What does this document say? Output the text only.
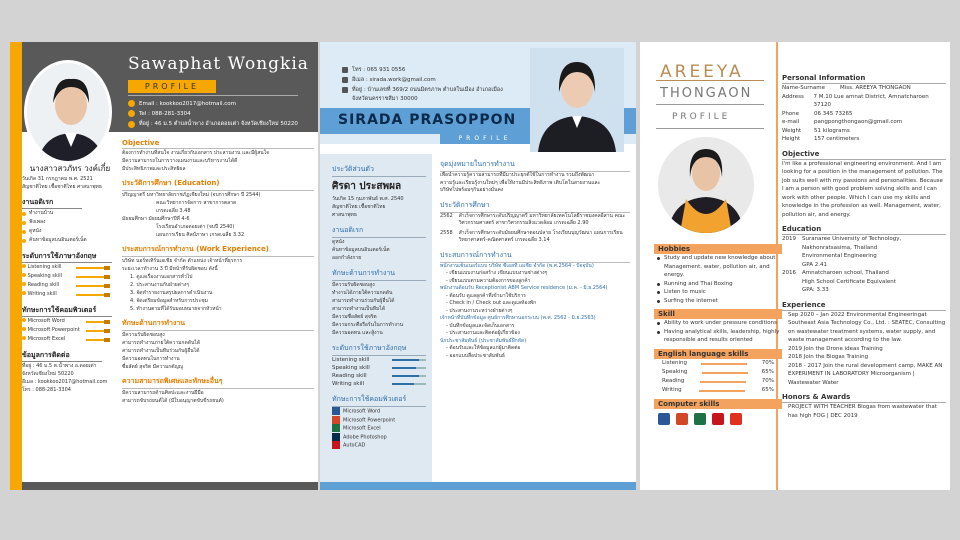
Sawaphat Wongkia
PROFILE
Email : kookkoo2017@hotmail.com
Tel : 088-281-3304
ที่อยู่ : 46 ม.5 ตำบลน้ำพาง อำเภอดอยเต่า จังหวัดเชียงใหม่ 50220
นางสาวสวภัทร วงค์เกี๋ย
วันเกิด 31 กรกฎาคม พ.ศ. 2521
สัญชาติไทย เชื้อชาติไทย ศาสนาพุทธ
งานอดิเรก
ทำงานบ้าน
ฟังเพลง
ดูหนัง
ค้นหาข้อมูลบนอินเตอร์เน็ต
ระดับการใช้ภาษาอังกฤษ
Listening skill
Speaking skill
Reading skill
Writing skill
ทักษะการใช้คอมพิวเตอร์
Microsoft Word
Microsoft Powerpoint
Microsoft Excel
ข้อมูลการติดต่อ
ที่อยู่ : 46 ม.5 ต.น้ำพาง อ.ดอยเต่า
จังหวัดเชียงใหม่ 50220
อีเมล : kookkoo2017@hotmail.com
โทร : 088-281-3304
Objective
ต้องการทำงานที่สนใจ งานเกี่ยวกับเอกสาร ประสานงาน และมีผู้สนใจ
มีความสามารถในการวางแผนงานและบริหารงานได้ดี
มีประสิทธิภาพและประสิทธิผล
ประวัติการศึกษา (Education)
ปริญญาตรี มหาวิทยาลัยราชภัฏเชียงใหม่ (จบการศึกษา ปี 2544)
คณะวิทยาการจัดการ สาขาการตลาด
เกรดเฉลี่ย 3.48
มัธยมศึกษา มัธยมศึกษาปีที่ 4-6
โรงเรียนอำเภอดอยเต่า (จบปี 2540)
แผนการเรียน ศิลป์ภาษา เกรดเฉลี่ย 3.32
ประสบการณ์การทำงาน (Work Experience)
บริษัท นอร์ทเทิร์นเอเชีย จำกัด ตำแหน่ง เจ้าหน้าที่ธุรการ
ระยะเวลาทำงาน 3 ปี มีหน้าที่รับผิดชอบ ดังนี้
1. ดูแลเรื่องงานเอกสารทั่วไป
2. ประสานงานกับฝ่ายต่างๆ
3. จัดทำรายงานสรุปผลการดำเนินงาน
4. จัดเตรียมข้อมูลสำหรับการประชุม
5. ทำงานตามที่ได้รับมอบหมายจากหัวหน้า
ทักษะด้านการทำงาน
มีความรับผิดชอบสูง
สามารถทำงานภายใต้ความกดดันได้
สามารถทำงานเป็นทีมร่วมกับผู้อื่นได้
มีความอดทนในการทำงาน
ซื่อสัตย์ สุจริต มีความกตัญญู
ความสามารถพิเศษและทักษะอื่นๆ
มีความสามารถด้านศิลปะและงานฝีมือ
สามารถขับรถยนต์ได้ (มีใบอนุญาตขับขี่รถยนต์)
โทร : 065 931 0556
อีเมล : sirada.work@gmail.com
ที่อยู่ : บ้านเลขที่ 369/2 ถนนมิตรภาพ ตำบลในเมือง อำเภอเมือง
จังหวัดนครราชสีมา 30000
SIRADA PRASOPPON
PROFILE
ประวัติส่วนตัว
ศิรดา ประสพผล
วันเกิด 15 กุมภาพันธ์ พ.ศ. 2540
สัญชาติไทย เชื้อชาติไทย
ศาสนาพุทธ
งานอดิเรก
ดูหนัง
ค้นหาข้อมูลบนอินเตอร์เน็ต
ออกกำลังกาย
ทักษะด้านการทำงาน
มีความรับผิดชอบสูง
ทำงานได้ภายใต้ความกดดัน
สามารถทำงานร่วมกับผู้อื่นได้
สามารถทำงานเป็นทีมได้
มีความซื่อสัตย์ สุจริต
มีความกระตือรือร้นในการทำงาน
มีความอดทน และสู้งาน
ระดับการใช้ภาษาอังกฤษ
Listening skill
Speaking skill
Reading skill
Writing skill
ทักษะการใช้คอมพิวเตอร์
Microsoft Word
Microsoft Powerpoint
Microsoft Excel
Adobe Photoshop
AutoCAD
จุดมุ่งหมายในการทำงาน
เพื่อนำความรู้ความสามารถที่มีมาประยุกต์ใช้ในการทำงาน รวมถึงพัฒนา
ความรู้และเรียนรู้งานใหม่ๆ เพื่อให้งานมีประสิทธิภาพ เติบโตในสายงานและ
บริษัทไปพร้อมๆกันอย่างมั่นคง
ประวัติการศึกษา
2562 สำเร็จการศึกษาระดับปริญญาตรี มหาวิทยาลัยเทคโนโลยีราชมงคลอีสาน คณะวิศวกรรมศาสตร์ สาขาวิศวกรรมสิ่งแวดล้อม เกรดเฉลี่ย 2.90
2558 สำเร็จการศึกษาระดับมัธยมศึกษาตอนปลาย โรงเรียนบุญวัฒนา แผนการเรียนวิทยาศาสตร์-คณิตศาสตร์ เกรดเฉลี่ย 3.14
ประสบการณ์การทำงาน
พนักงานเซ็นเนอร์แบบ บริษัท ซีเอสที เอเชีย จำกัด (พ.ศ.2564 - ปัจจุบัน)
- เขียนแบบงานก่อสร้าง เขียนแบบงานช่างต่างๆ
- เขียนแบบตามความต้องการของลูกค้า
พนักงานต้อนรับ Receptionist ABM Service residence (ม.ค. - มิ.ย.2564)
- ต้อนรับ ดูแลลูกค้าที่เข้ามาใช้บริการ
- Check in / Check out และดูแลห้องพัก
- ประสานงานระหว่างฝ่ายต่างๆ
เจ้าหน้าที่บันทึกข้อมูล ศูนย์การศึกษานอกระบบ (พ.ศ. 2562 - มิ.ย.2563)
- บันทึกข้อมูลและจัดเก็บเอกสาร
- ประสานงานและติดต่อผู้เกี่ยวข้อง
นักประชาสัมพันธ์ (ประชาสัมพันธ์ฝึกหัด)
- ต้อนรับและให้ข้อมูลแก่ผู้มาติดต่อ
- ออกแบบสื่อประชาสัมพันธ์
AREEYA
THONGAON
PROFILE
Hobbies
Study and update new knowledge about Management, water, pollution air, and energy.
Running and Thai Boxing
Listen to music
Surfing the internet
Skill
Ability to work under pressure conditions
Having analytical skills, leadership, highly responsible and results oriented
English language skills
Listening	70%
Speaking	65%
Reading	70%
Writing	65%
Computer skills
Personal Information
Name-Surname	Miss. AREEYA THONGAON
Address	7 M.10 Lue amnat District, Amnatcharoen 37120
Phone	06 345 73265
e-mail	pangpongthongaon@gmail.com
Weight	51 kilograms
Height	157 centimeters
Objective
I'm like a professional engineering environment. And I am looking for a position in the management of pollution. The job suits well with my passions and personalities. Because I am a person with good problem solving skills and I can work with other people. Which I can use my skills and knowledge in the profession as well. Management, water, pollution air, and energy.
Education
2019	Suranaree University of Technology,
Nakhonratsasima, Thailand
Environmental Engineering
GPA 2.41
2016	Amnatcharoen school, Thailand
High School Certificate Equivalent
GPA: 3.33
Experience
Sep 2020 – Jan 2022 Environmental Engineeringat Southeast Asia Technology Co., Ltd. : SEATEC, Consulting on wastewater treatment systems, water supply, and waste management according to the law.
2019 Join the Drone ideas Training
2018 Join the Biogas Training
2018 - 2017 Join the rural development camp, MAKE AN EXPERIMENT IN LABORATORY Microorganism | Wastewater Water
Honors & Awards
PROJECT WITH TEACHER Biogas from wastewater that has high FOG | DEC 2019
